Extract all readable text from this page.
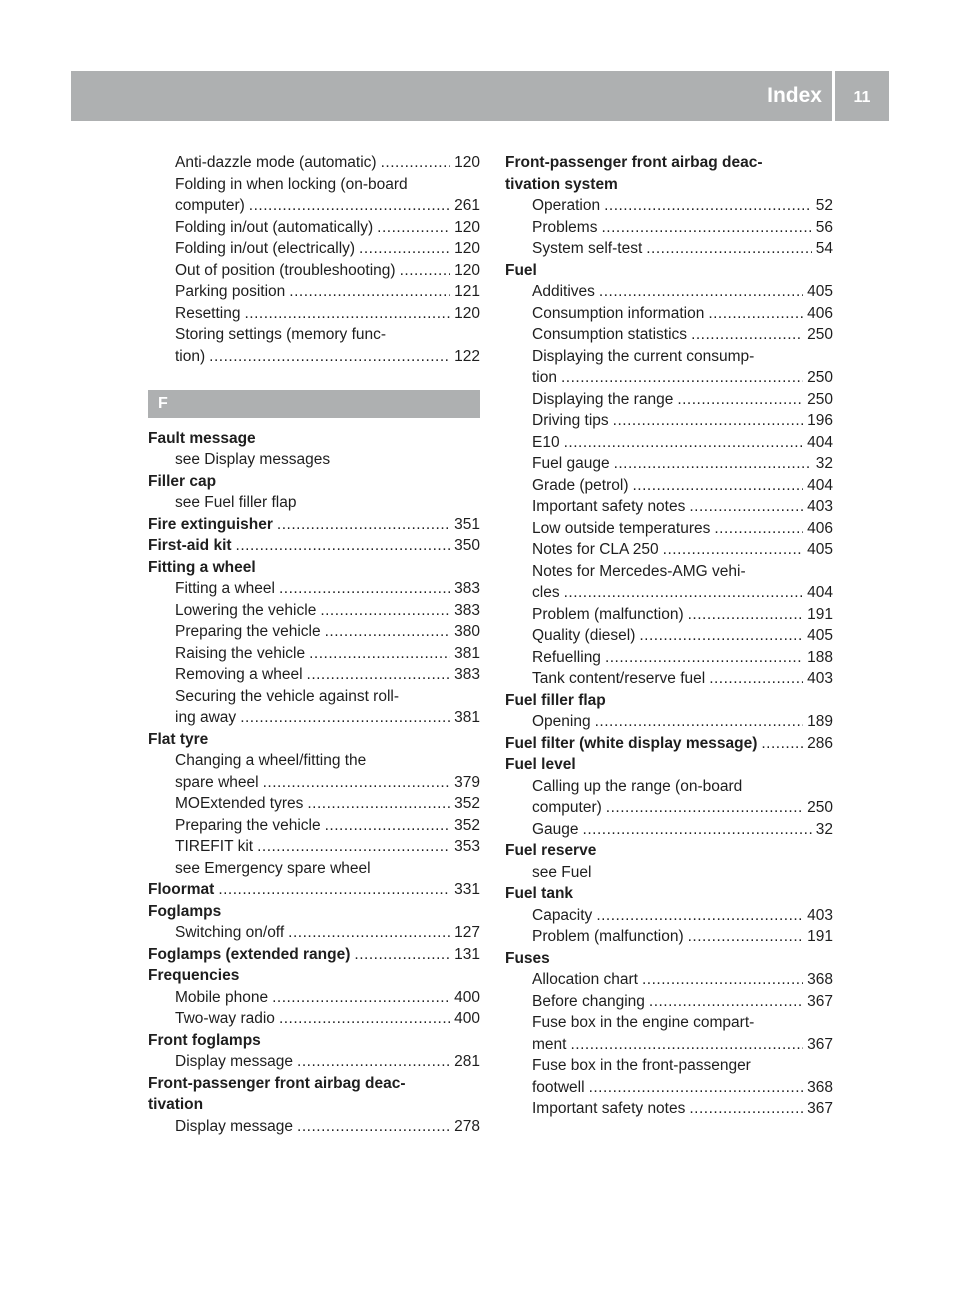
Index	11
Anti-dazzle mode (automatic) .....	120
Folding in when locking (on-board
computer) .....	261
Folding in/out (automatically) .....	120
Folding in/out (electrically) .....	120
Out of position (troubleshooting) .....	120
Parking position .....	121
Resetting .....	120
Storing settings (memory func-
tion) .....	122
F
Fault message
see Display messages
Filler cap
see Fuel filler flap
Fire extinguisher .....	351
First-aid kit .....	350
Fitting a wheel
Fitting a wheel .....	383
Lowering the vehicle .....	383
Preparing the vehicle .....	380
Raising the vehicle .....	381
Removing a wheel .....	383
Securing the vehicle against roll-
ing away .....	381
Flat tyre
Changing a wheel/fitting the
spare wheel .....	379
MOExtended tyres .....	352
Preparing the vehicle .....	352
TIREFIT kit .....	353
see Emergency spare wheel
Floormat .....	331
Foglamps
Switching on/off .....	127
Foglamps (extended range) .....	131
Frequencies
Mobile phone .....	400
Two-way radio .....	400
Front foglamps
Display message .....	281
Front-passenger front airbag deac-
tivation
Display message .....	278
Front-passenger front airbag deac-
tivation system
Operation .....	52
Problems .....	56
System self-test .....	54
Fuel
Additives .....	405
Consumption information .....	406
Consumption statistics .....	250
Displaying the current consump-
tion .....	250
Displaying the range .....	250
Driving tips .....	196
E10 .....	404
Fuel gauge .....	32
Grade (petrol) .....	404
Important safety notes .....	403
Low outside temperatures .....	406
Notes for CLA 250 .....	405
Notes for Mercedes-AMG vehi-
cles .....	404
Problem (malfunction) .....	191
Quality (diesel) .....	405
Refuelling .....	188
Tank content/reserve fuel .....	403
Fuel filler flap
Opening .....	189
Fuel filter (white display message) .....	286
Fuel level
Calling up the range (on-board
computer) .....	250
Gauge .....	32
Fuel reserve
see Fuel
Fuel tank
Capacity .....	403
Problem (malfunction) .....	191
Fuses
Allocation chart .....	368
Before changing .....	367
Fuse box in the engine compart-
ment .....	367
Fuse box in the front-passenger
footwell .....	368
Important safety notes .....	367
